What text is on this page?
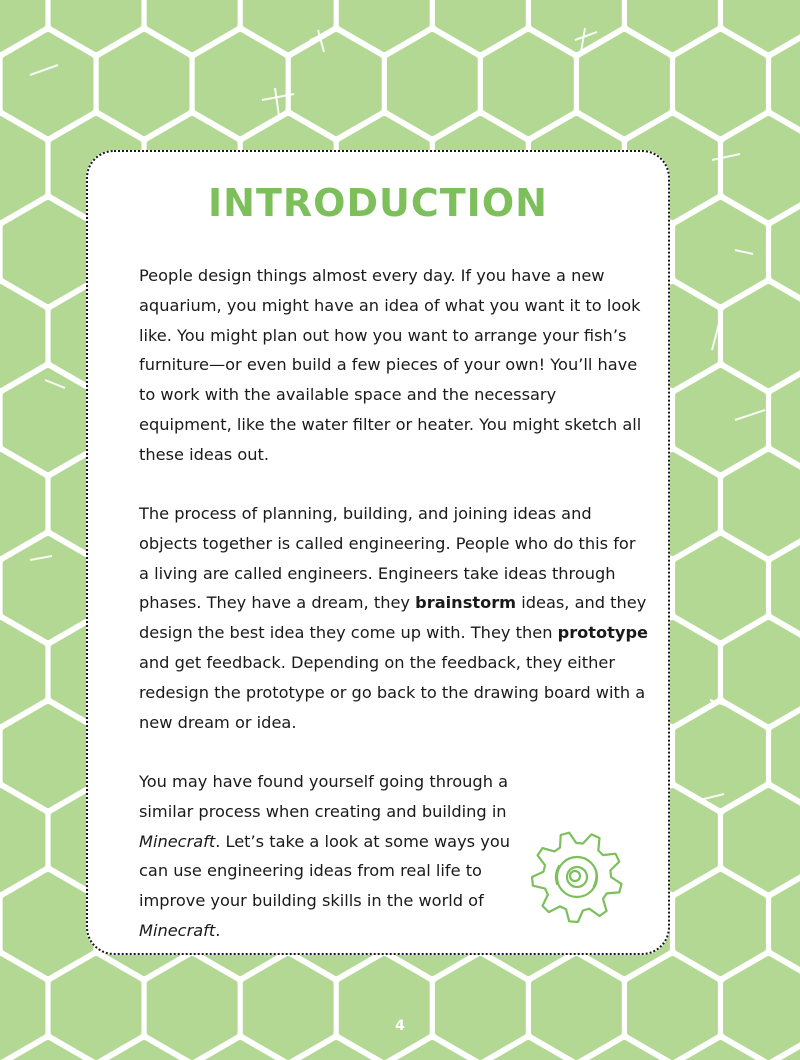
INTRODUCTION

People design things almost every day. If you have a new aquarium, you might have an idea of what you want it to look like. You might plan out how you want to arrange your fish’s furniture—or even build a few pieces of your own! You’ll have to work with the available space and the necessary equipment, like the water filter or heater. You might sketch all these ideas out.

The process of planning, building, and joining ideas and objects together is called engineering. People who do this for a living are called engineers. Engineers take ideas through phases. They have a dream, they brainstorm ideas, and they design the best idea they come up with. They then prototype and get feedback. Depending on the feedback, they either redesign the prototype or go back to the drawing board with a new dream or idea.

You may have found yourself going through a similar process when creating and building in Minecraft. Let’s take a look at some ways you can use engineering ideas from real life to improve your building skills in the world of Minecraft.

4
